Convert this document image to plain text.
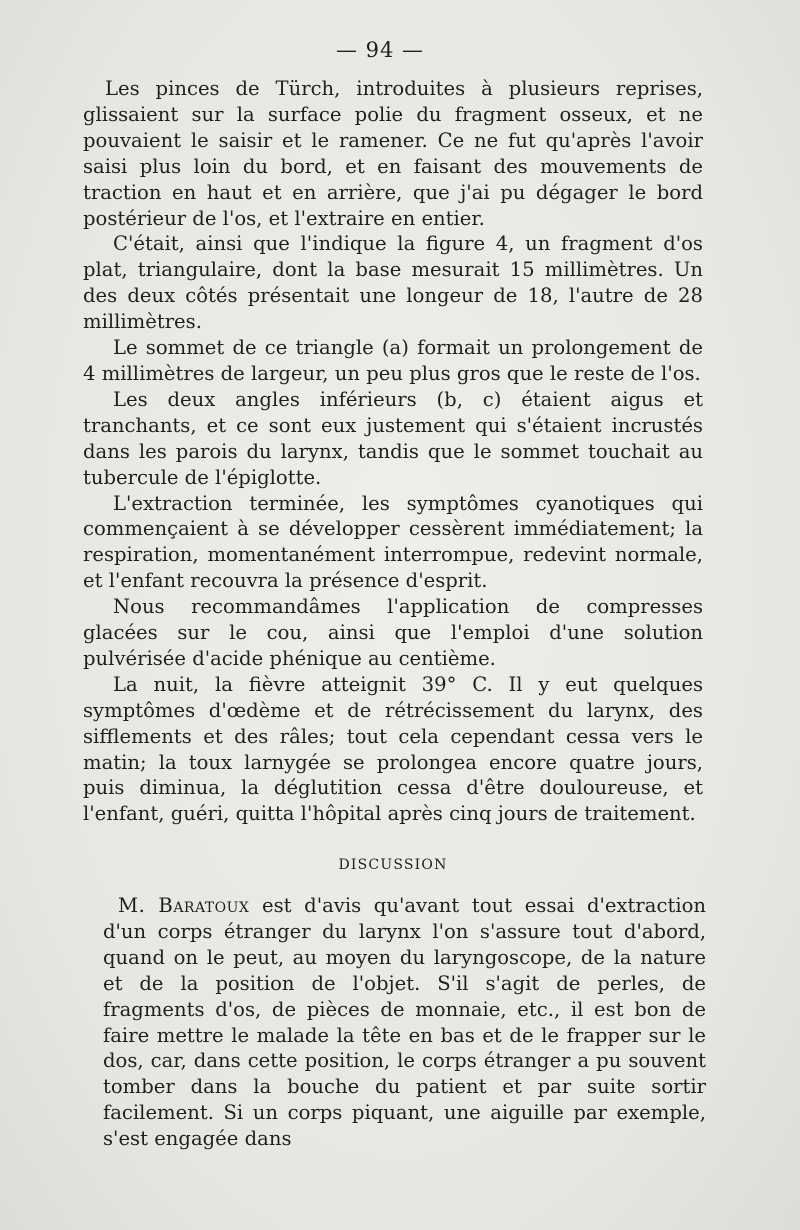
— 94 —

Les pinces de Türch, introduites à plusieurs reprises, glissaient sur la surface polie du fragment osseux, et ne pouvaient le saisir et le ramener. Ce ne fut qu'après l'avoir saisi plus loin du bord, et en faisant des mouvements de traction en haut et en arrière, que j'ai pu dégager le bord postérieur de l'os, et l'extraire en entier.

C'était, ainsi que l'indique la figure 4, un fragment d'os plat, triangulaire, dont la base mesurait 15 millimètres. Un des deux côtés présentait une longeur de 18, l'autre de 28 millimètres.

Le sommet de ce triangle (a) formait un prolongement de 4 millimètres de largeur, un peu plus gros que le reste de l'os.

Les deux angles inférieurs (b, c) étaient aigus et tranchants, et ce sont eux justement qui s'étaient incrustés dans les parois du larynx, tandis que le sommet touchait au tubercule de l'épiglotte.

L'extraction terminée, les symptômes cyanotiques qui commençaient à se développer cessèrent immédiatement; la respiration, momentanément interrompue, redevint normale, et l'enfant recouvra la présence d'esprit.

Nous recommandâmes l'application de compresses glacées sur le cou, ainsi que l'emploi d'une solution pulvérisée d'acide phénique au centième.

La nuit, la fièvre atteignit 39° C. Il y eut quelques symptômes d'œdème et de rétrécissement du larynx, des sifflements et des râles; tout cela cependant cessa vers le matin; la toux larnygée se prolongea encore quatre jours, puis diminua, la déglutition cessa d'être douloureuse, et l'enfant, guéri, quitta l'hôpital après cinq jours de traitement.

DISCUSSION

M. Baratoux est d'avis qu'avant tout essai d'extraction d'un corps étranger du larynx l'on s'assure tout d'abord, quand on le peut, au moyen du laryngoscope, de la nature et de la position de l'objet. S'il s'agit de perles, de fragments d'os, de pièces de monnaie, etc., il est bon de faire mettre le malade la tête en bas et de le frapper sur le dos, car, dans cette position, le corps étranger a pu souvent tomber dans la bouche du patient et par suite sortir facilement. Si un corps piquant, une aiguille par exemple, s'est engagée dans
